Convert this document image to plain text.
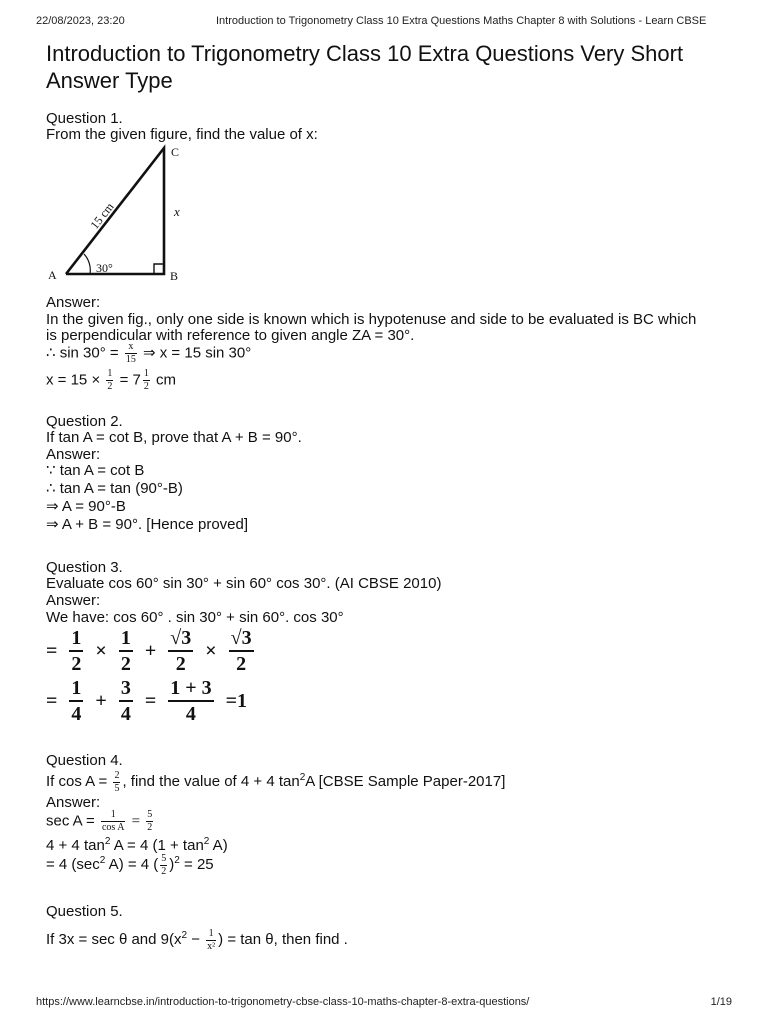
22/08/2023, 23:20	Introduction to Trigonometry Class 10 Extra Questions Maths Chapter 8 with Solutions - Learn CBSE
Introduction to Trigonometry Class 10 Extra Questions Very Short Answer Type
Question 1.
From the given figure, find the value of x:
A	B
C
x
30°
15 cm
Answer:
In the given fig., only one side is known which is hypotenuse and side to be evaluated is BC which
is perpendicular with reference to given angle ZA = 30°.
∴ $\sin 30^\circ = \frac{x}{15}$ ⇒ x = 15 sin 30°
$x = 15 \times \frac{1}{2} = 7 \frac{1}{2}$ cm
Question 2.
If tan A = cot B, prove that A + B = 90°.
Answer:
∵ tan A = cot B
∴ tan A = tan (90°-B)
⇒ A = 90°-B
⇒ A + B = 90°. [Hence proved]
Question 3.
Evaluate cos 60° sin 30° + sin 60° cos 30°. (AI CBSE 2010)
Answer:
We have: cos 60° . sin 30° + sin 60°. cos 30°
= $\frac{1}{2} \times \frac{1}{2} + \frac{√3}{2} \times \frac{√3}{2}$
= $\frac{1}{4} + \frac{3}{4} = \frac{1 + 3}{4} =1$
Question 4.
If $\cos A = \frac{2}{5}$ , find the value of 4 + 4 $\tan^2A$ [CBSE Sample Paper-2017]
Answer:
$\sec A = \frac{1}{\text{cos A}} = \frac{5}{2}$
4 + 4 $\tan^2 A = 4$ $(1 + \tan^2 A)$
= 4 ($\sec^2$ A) = 4 ( $\frac{5}{2} )^2 = 25$
Question 5.
If 3x = sec θ and $9(x^2 - \frac{1}{\text{x²}}$ ) = tan θ, then find .
https://www.learncbse.in/introduction-to-trigonometry-cbse-class-10-maths-chapter-8-extra-questions/	1/19
